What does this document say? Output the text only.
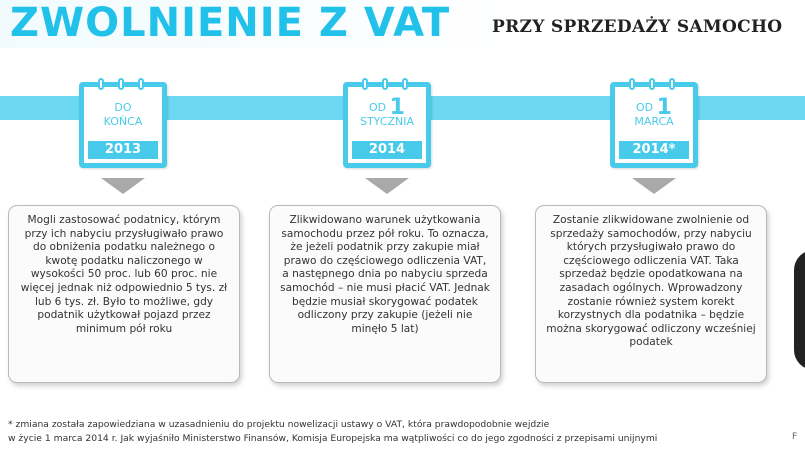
ZWOLNIENIE Z VAT PRZY SPRZEDAŻY SAMOCHO
DO
KOŃCA
2013
Mogli zastosować podatnicy, którym przy ich nabyciu przysługiwało prawo do obniżenia podatku należnego o kwotę podatku naliczonego w wysokości 50 proc. lub 60 proc. nie więcej jednak niż odpowiednio 5 tys. zł lub 6 tys. zł. Było to możliwe, gdy podatnik użytkował pojazd przez minimum pół roku
OD 1
STYCZNIA
2014
Zlikwidowano warunek użytkowania samochodu przez pół roku. To oznacza, że jeżeli podatnik przy zakupie miał prawo do częściowego odliczenia VAT, a następnego dnia po nabyciu sprzeda samochód – nie musi płacić VAT. Jednak będzie musiał skorygować podatek odliczony przy zakupie (jeżeli nie minęło 5 lat)
OD 1
MARCA
2014*
Zostanie zlikwidowane zwolnienie od sprzedaży samochodów, przy nabyciu których przysługiwało prawo do częściowego odliczenia VAT. Taka sprzedaż będzie opodatkowana na zasadach ogólnych. Wprowadzony zostanie również system korekt korzystnych dla podatnika – będzie można skorygować odliczony wcześniej podatek
* zmiana została zapowiedziana w uzasadnieniu do projektu nowelizacji ustawy o VAT, która prawdopodobnie wejdzie
w życie 1 marca 2014 r. Jak wyjaśniło Ministerstwo Finansów, Komisja Europejska ma wątpliwości co do jego zgodności z przepisami unijnymi	F
